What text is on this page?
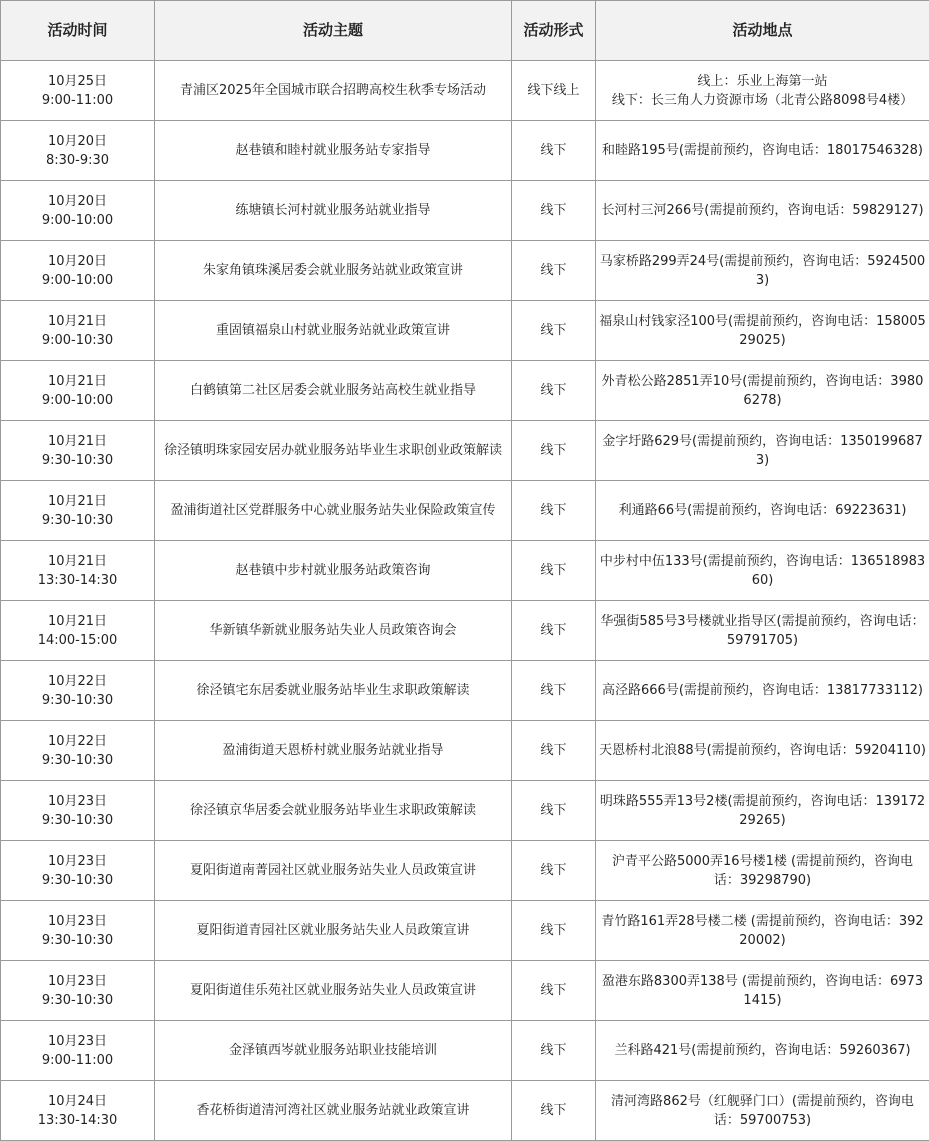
活动时间	活动主题	活动形式	活动地点

10月25日
9:00-11:00	青浦区2025年全国城市联合招聘高校生秋季专场活动	线下线上	线上：乐业上海第一站
线下：长三角人力资源市场（北青公路8098号4楼）

10月20日
8:30-9:30	赵巷镇和睦村就业服务站专家指导	线下	和睦路195号(需提前预约，咨询电话：18017546328)

10月20日
9:00-10:00	练塘镇长河村就业服务站就业指导	线下	长河村三河266号(需提前预约，咨询电话：59829127)

10月20日
9:00-10:00	朱家角镇珠溪居委会就业服务站就业政策宣讲	线下	马家桥路299弄24号(需提前预约，咨询电话：59245003)

10月21日
9:00-10:30	重固镇福泉山村就业服务站就业政策宣讲	线下	福泉山村钱家泾100号(需提前预约，咨询电话：15800529025)

10月21日
9:00-10:00	白鹤镇第二社区居委会就业服务站高校生就业指导	线下	外青松公路2851弄10号(需提前预约，咨询电话：39806278)

10月21日
9:30-10:30	徐泾镇明珠家园安居办就业服务站毕业生求职创业政策解读	线下	金字圩路629号(需提前预约，咨询电话：13501996873)

10月21日
9:30-10:30	盈浦街道社区党群服务中心就业服务站失业保险政策宣传	线下	利通路66号(需提前预约，咨询电话：69223631)

10月21日
13:30-14:30	赵巷镇中步村就业服务站政策咨询	线下	中步村中伍133号(需提前预约，咨询电话：13651898360)

10月21日
14:00-15:00	华新镇华新就业服务站失业人员政策咨询会	线下	华强街585号3号楼就业指导区(需提前预约，咨询电话：59791705)

10月22日
9:30-10:30	徐泾镇宅东居委就业服务站毕业生求职政策解读	线下	高泾路666号(需提前预约，咨询电话：13817733112)

10月22日
9:30-10:30	盈浦街道天恩桥村就业服务站就业指导	线下	天恩桥村北浪88号(需提前预约，咨询电话：59204110)

10月23日
9:30-10:30	徐泾镇京华居委会就业服务站毕业生求职政策解读	线下	明珠路555弄13号2楼(需提前预约，咨询电话：13917229265)

10月23日
9:30-10:30	夏阳街道南菁园社区就业服务站失业人员政策宣讲	线下	沪青平公路5000弄16号楼1楼 (需提前预约，咨询电话：39298790)

10月23日
9:30-10:30	夏阳街道青园社区就业服务站失业人员政策宣讲	线下	青竹路161弄28号楼二楼 (需提前预约，咨询电话：39220002)

10月23日
9:30-10:30	夏阳街道佳乐苑社区就业服务站失业人员政策宣讲	线下	盈港东路8300弄138号 (需提前预约，咨询电话：69731415)

10月23日
9:00-11:00	金泽镇西岑就业服务站职业技能培训	线下	兰科路421号(需提前预约，咨询电话：59260367)

10月24日
13:30-14:30	香花桥街道清河湾社区就业服务站就业政策宣讲	线下	清河湾路862号（红舰驿门口）(需提前预约，咨询电话：59700753)
